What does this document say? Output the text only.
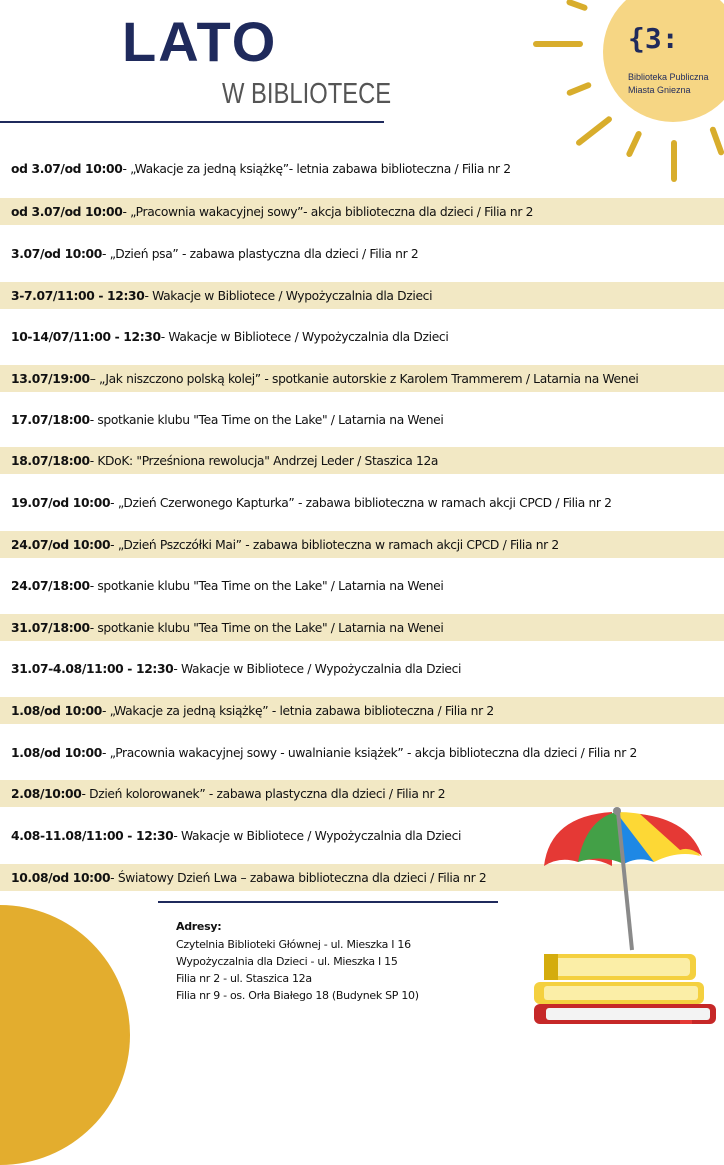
{3:
Biblioteka Publiczna
Miasta Gniezna
LATO
W BIBLIOTECE
od 3.07/od 10:00 - „Wakacje za jedną książkę”- letnia zabawa biblioteczna / Filia nr 2
od 3.07/od 10:00 - „Pracownia wakacyjnej sowy”- akcja biblioteczna dla dzieci / Filia nr 2
3.07/od 10:00 - „Dzień psa” - zabawa plastyczna dla dzieci / Filia nr 2
3-7.07/11:00 - 12:30 - Wakacje w Bibliotece / Wypożyczalnia dla Dzieci
10-14/07/11:00 - 12:30 - Wakacje w Bibliotece / Wypożyczalnia dla Dzieci
13.07/19:00 – „Jak niszczono polską kolej” - spotkanie autorskie z Karolem Trammerem / Latarnia na Wenei
17.07/18:00 - spotkanie klubu "Tea Time on the Lake" / Latarnia na Wenei
18.07/18:00 - KDoK: "Prześniona rewolucja" Andrzej Leder / Staszica 12a
19.07/od 10:00 - „Dzień Czerwonego Kapturka” - zabawa biblioteczna w ramach akcji CPCD / Filia nr 2
24.07/od 10:00 - „Dzień Pszczółki Mai” - zabawa biblioteczna w ramach akcji CPCD / Filia nr 2
24.07/18:00 - spotkanie klubu "Tea Time on the Lake" / Latarnia na Wenei
31.07/18:00 - spotkanie klubu "Tea Time on the Lake" / Latarnia na Wenei
31.07-4.08/11:00 - 12:30 - Wakacje w Bibliotece / Wypożyczalnia dla Dzieci
1.08/od 10:00 - „Wakacje za jedną książkę” - letnia zabawa biblioteczna / Filia nr 2
1.08/od 10:00 - „Pracownia wakacyjnej sowy - uwalnianie książek” - akcja biblioteczna dla dzieci / Filia nr 2
2.08/10:00 - Dzień kolorowanek” - zabawa plastyczna dla dzieci / Filia nr 2
4.08-11.08/11:00 - 12:30 - Wakacje w Bibliotece / Wypożyczalnia dla Dzieci
10.08/od 10:00 - Światowy Dzień Lwa – zabawa biblioteczna dla dzieci / Filia nr 2
Adresy:
Czytelnia Biblioteki Głównej - ul. Mieszka I 16
Wypożyczalnia dla Dzieci - ul. Mieszka I 15
Filia nr 2 - ul. Staszica 12a
Filia nr 9 - os. Orła Białego 18 (Budynek SP 10)
